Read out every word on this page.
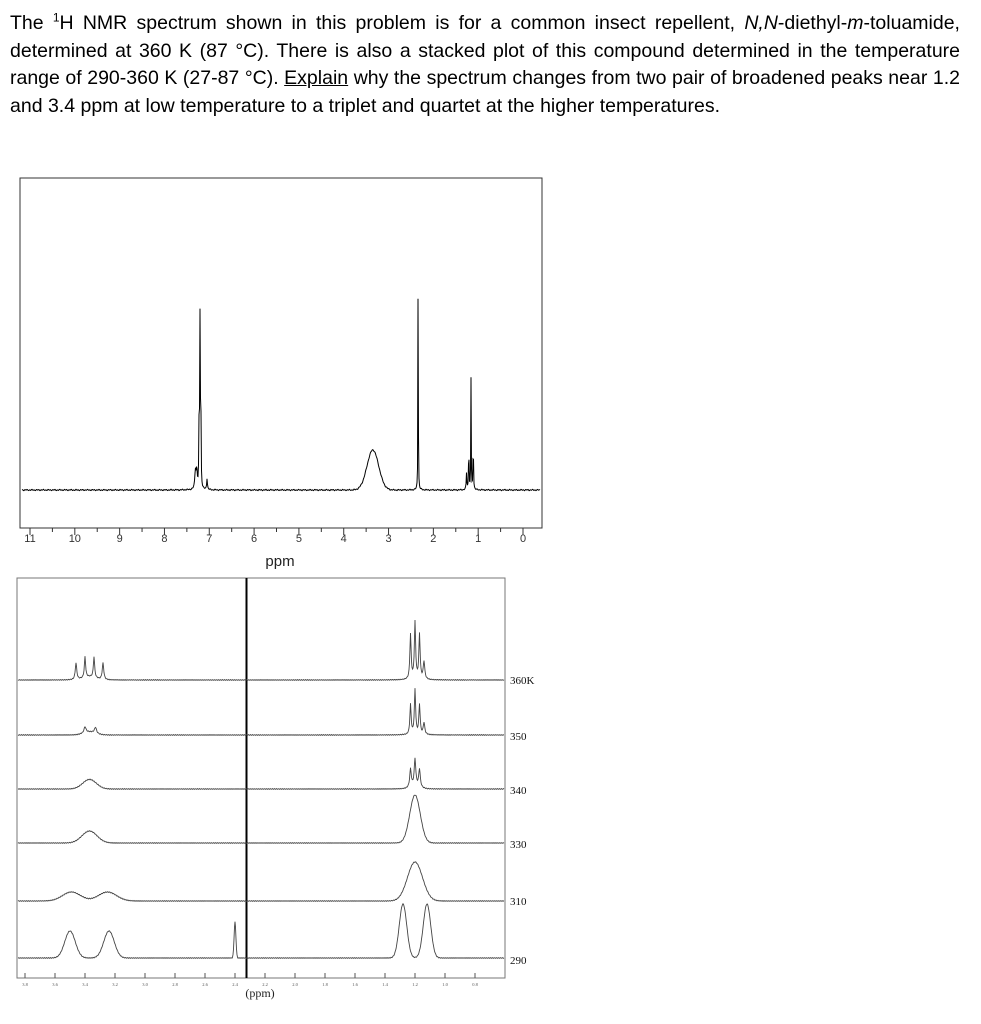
The $^1$H NMR spectrum shown in this problem is for a common insect repellent, N,N-diethyl-m-toluamide, determined at 360 K (87 °C). There is also a stacked plot of this compound determined in the temperature range of 290-360 K (27-87 °C). Explain why the spectrum changes from two pair of broadened peaks near 1.2 and 3.4 ppm at low temperature to a triplet and quartet at the higher temperatures.
11	10	9	8	7	6	5	4	3	2	1	0
ppm
360K
350
340
330
310
290
3.8	3.6	3.4	3.2	3.0	2.8	2.6	2.4	2.2	2.0	1.8	1.6	1.4	1.2	1.0	0.8
(ppm)
